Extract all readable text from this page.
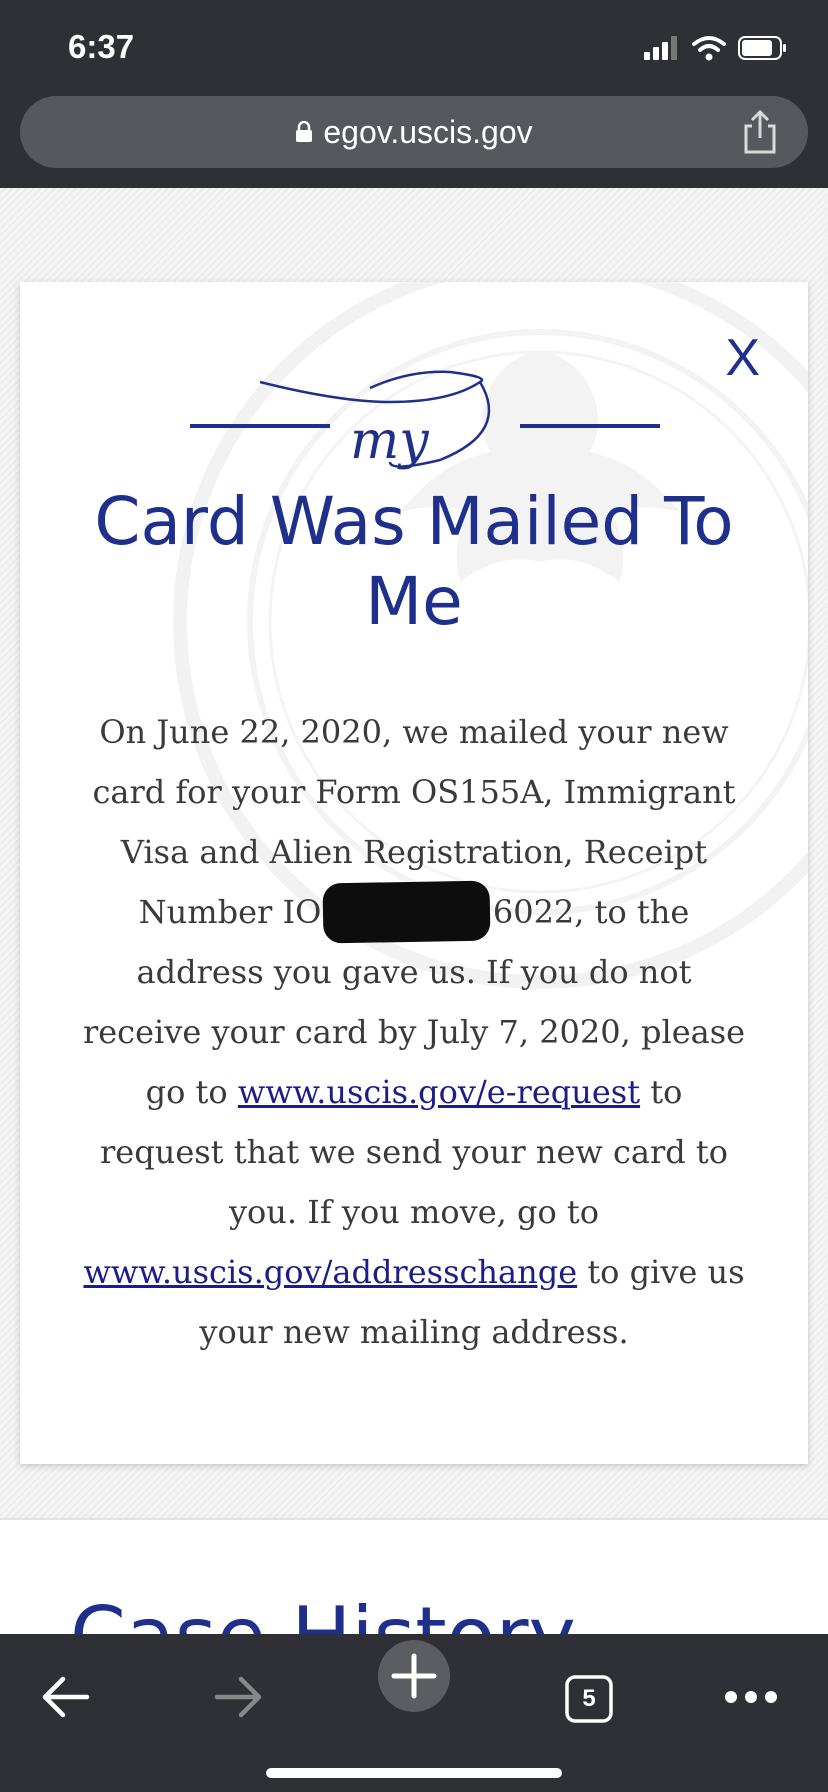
6:37
egov.uscis.gov
X
my
Card Was Mailed To Me
On June 22, 2020, we mailed your new card for your Form OS155A, Immigrant Visa and Alien Registration, Receipt Number IO XXXXXXX 6022, to the address you gave us. If you do not receive your card by July 7, 2020, please go to www.uscis.gov/e-request to request that we send your new card to you. If you move, go to www.uscis.gov/addresschange to give us your new mailing address.
5
